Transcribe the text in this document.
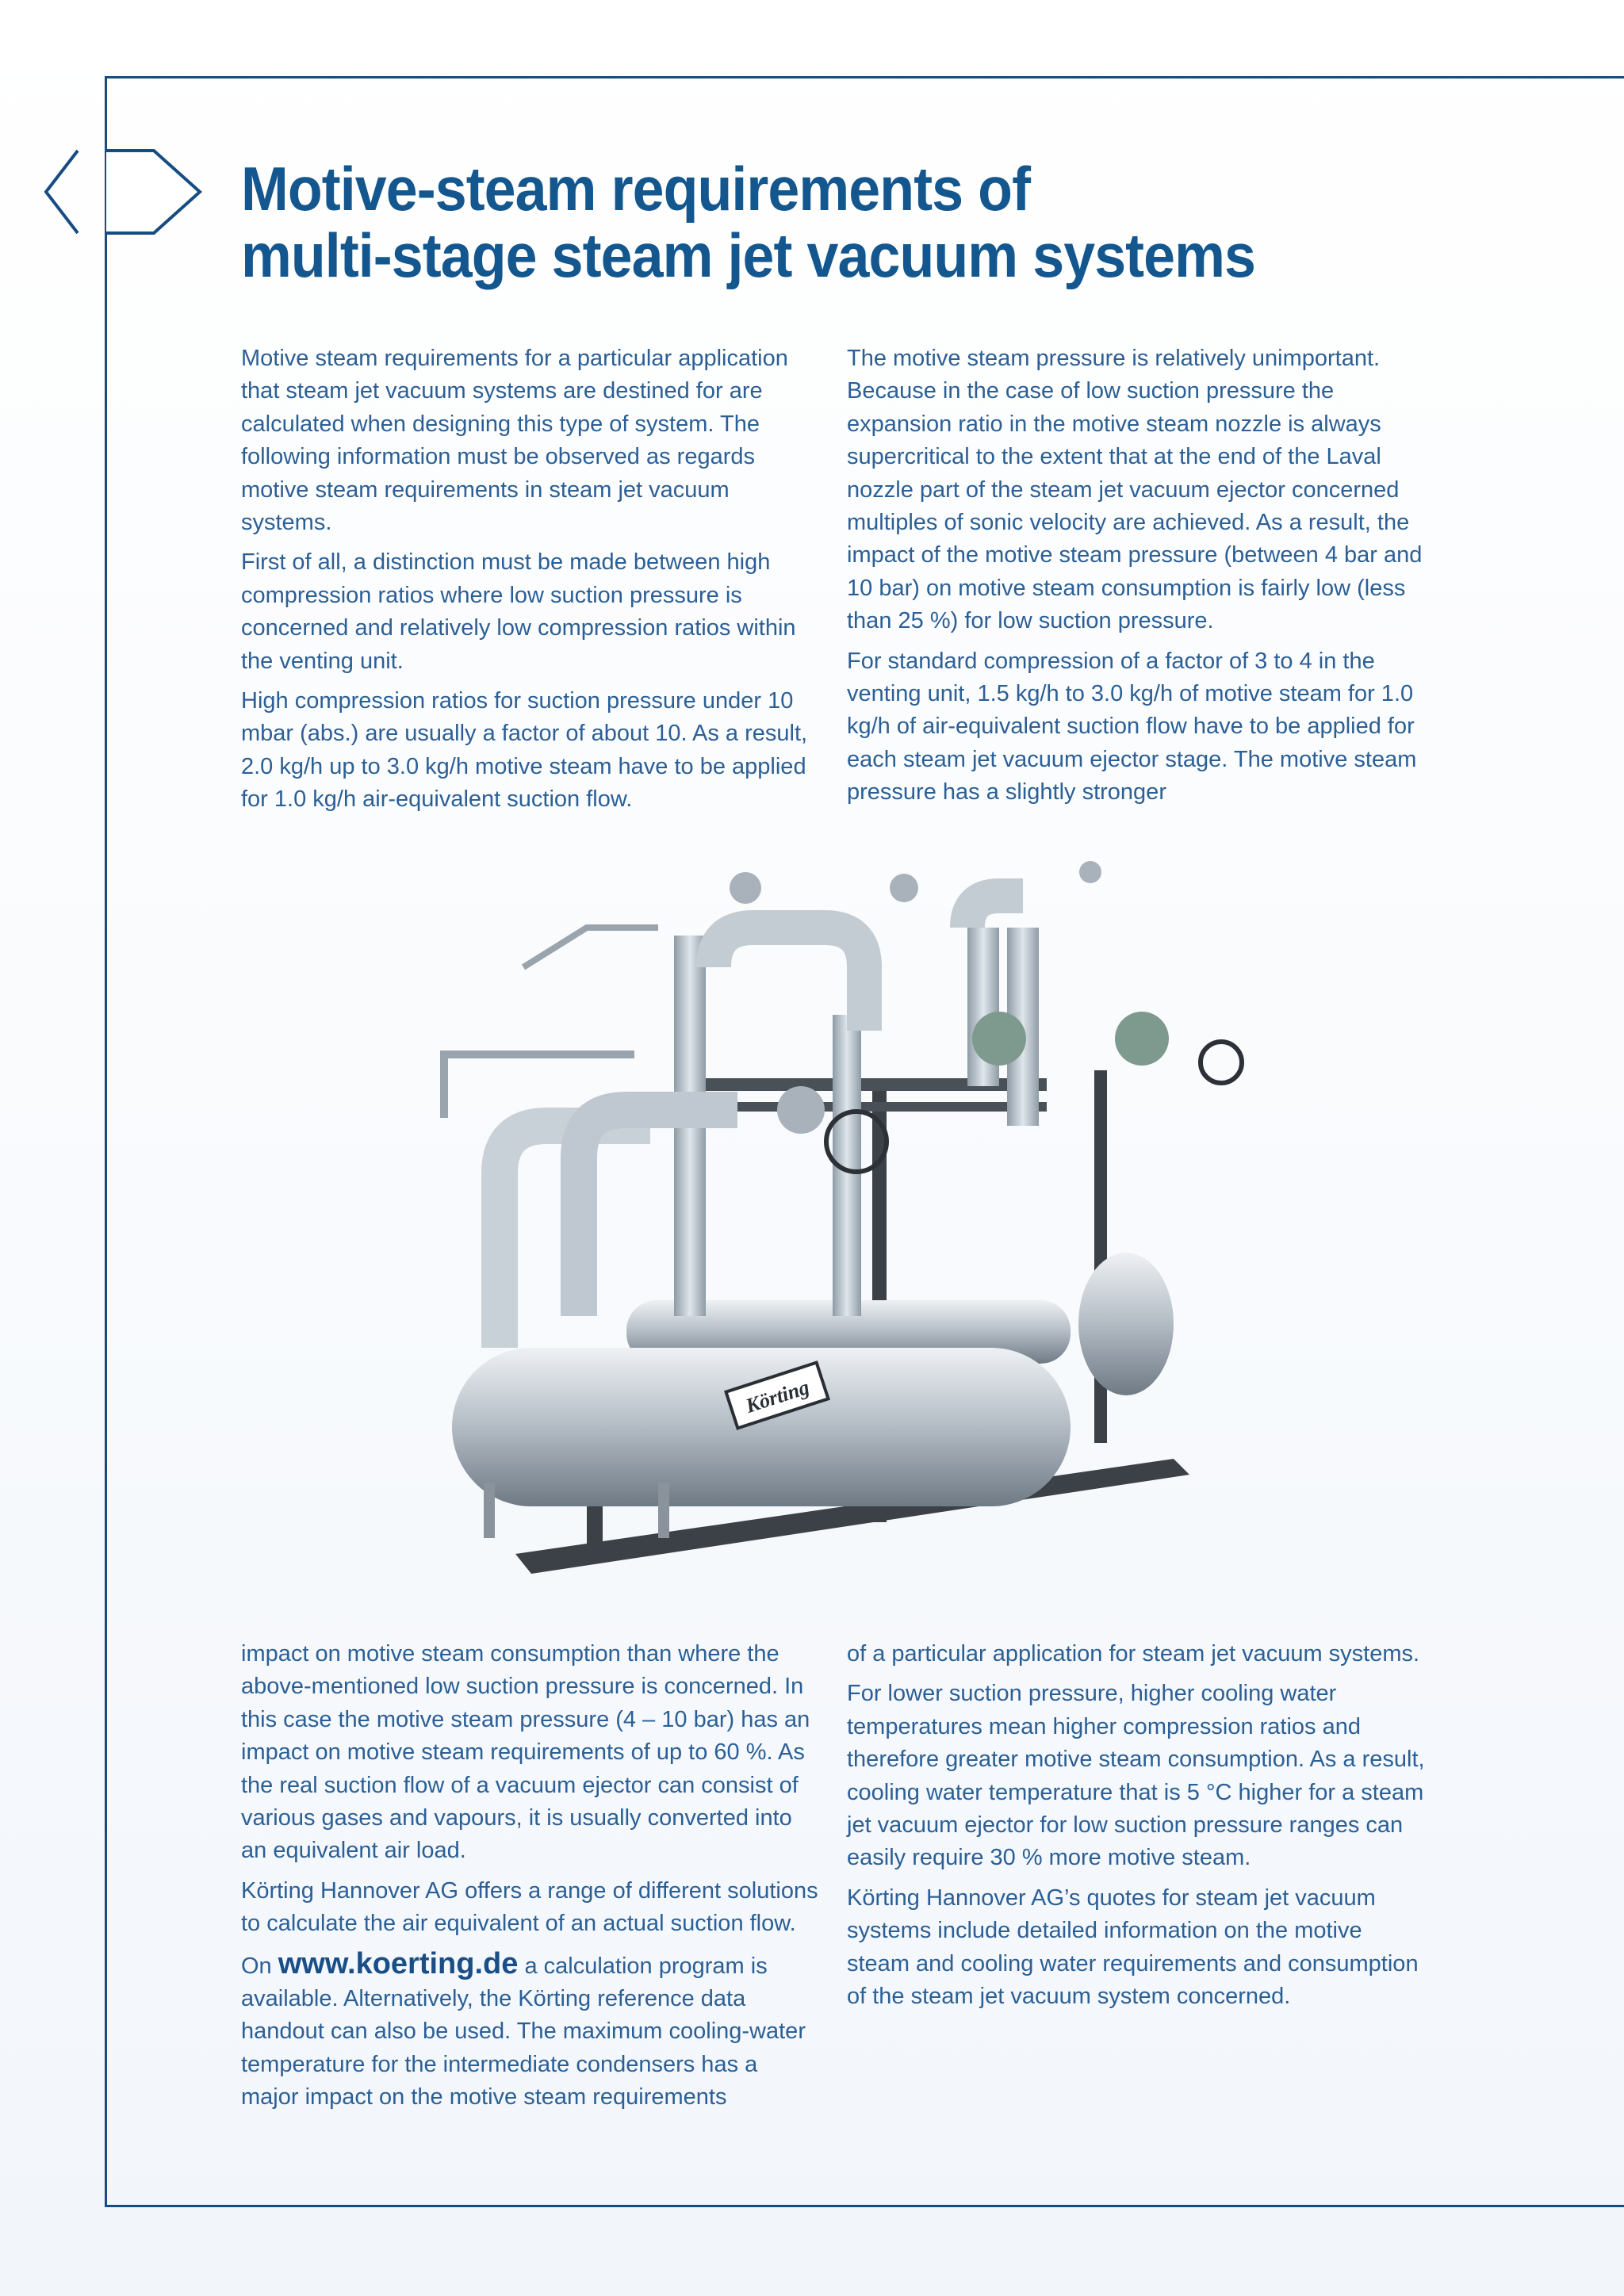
Motive-steam requirements of
multi-stage steam jet vacuum systems

Motive steam requirements for a particular application that steam jet vacuum systems are destined for are calculated when designing this type of system. The following information must be observed as regards motive steam requirements in steam jet vacuum systems.

First of all, a distinction must be made between high compression ratios where low suction pressure is concerned and relatively low compression ratios within the venting unit.

High compression ratios for suction pressure under 10 mbar (abs.) are usually a factor of about 10. As a result, 2.0 kg/h up to 3.0 kg/h motive steam have to be applied for 1.0 kg/h air-equivalent suction flow.

The motive steam pressure is relatively unimportant. Because in the case of low suction pressure the expansion ratio in the motive steam nozzle is always supercritical to the extent that at the end of the Laval nozzle part of the steam jet vacuum ejector concerned multiples of sonic velocity are achieved. As a result, the impact of the motive steam pressure (between 4 bar and 10 bar) on motive steam consumption is fairly low (less than 25 %) for low suction pressure.

For standard compression of a factor of 3 to 4 in the venting unit, 1.5 kg/h to 3.0 kg/h of motive steam for 1.0 kg/h of air-equivalent suction flow have to be applied for each steam jet vacuum ejector stage. The motive steam pressure has a slightly stronger

Körting

impact on motive steam consumption than where the above-mentioned low suction pressure is concerned. In this case the motive steam pressure (4 – 10 bar) has an impact on motive steam requirements of up to 60 %. As the real suction flow of a vacuum ejector can consist of various gases and vapours, it is usually converted into an equivalent air load.

Körting Hannover AG offers a range of different solutions to calculate the air equivalent of an actual suction flow.

On www.koerting.de a calculation program is available. Alternatively, the Körting reference data handout can also be used. The maximum cooling-water temperature for the intermediate condensers has a major impact on the motive steam requirements

of a particular application for steam jet vacuum systems.

For lower suction pressure, higher cooling water temperatures mean higher compression ratios and therefore greater motive steam consumption. As a result, cooling water temperature that is 5 °C higher for a steam jet vacuum ejector for low suction pressure ranges can easily require 30 % more motive steam.

Körting Hannover AG’s quotes for steam jet vacuum systems include detailed information on the motive steam and cooling water requirements and consumption of the steam jet vacuum system concerned.
